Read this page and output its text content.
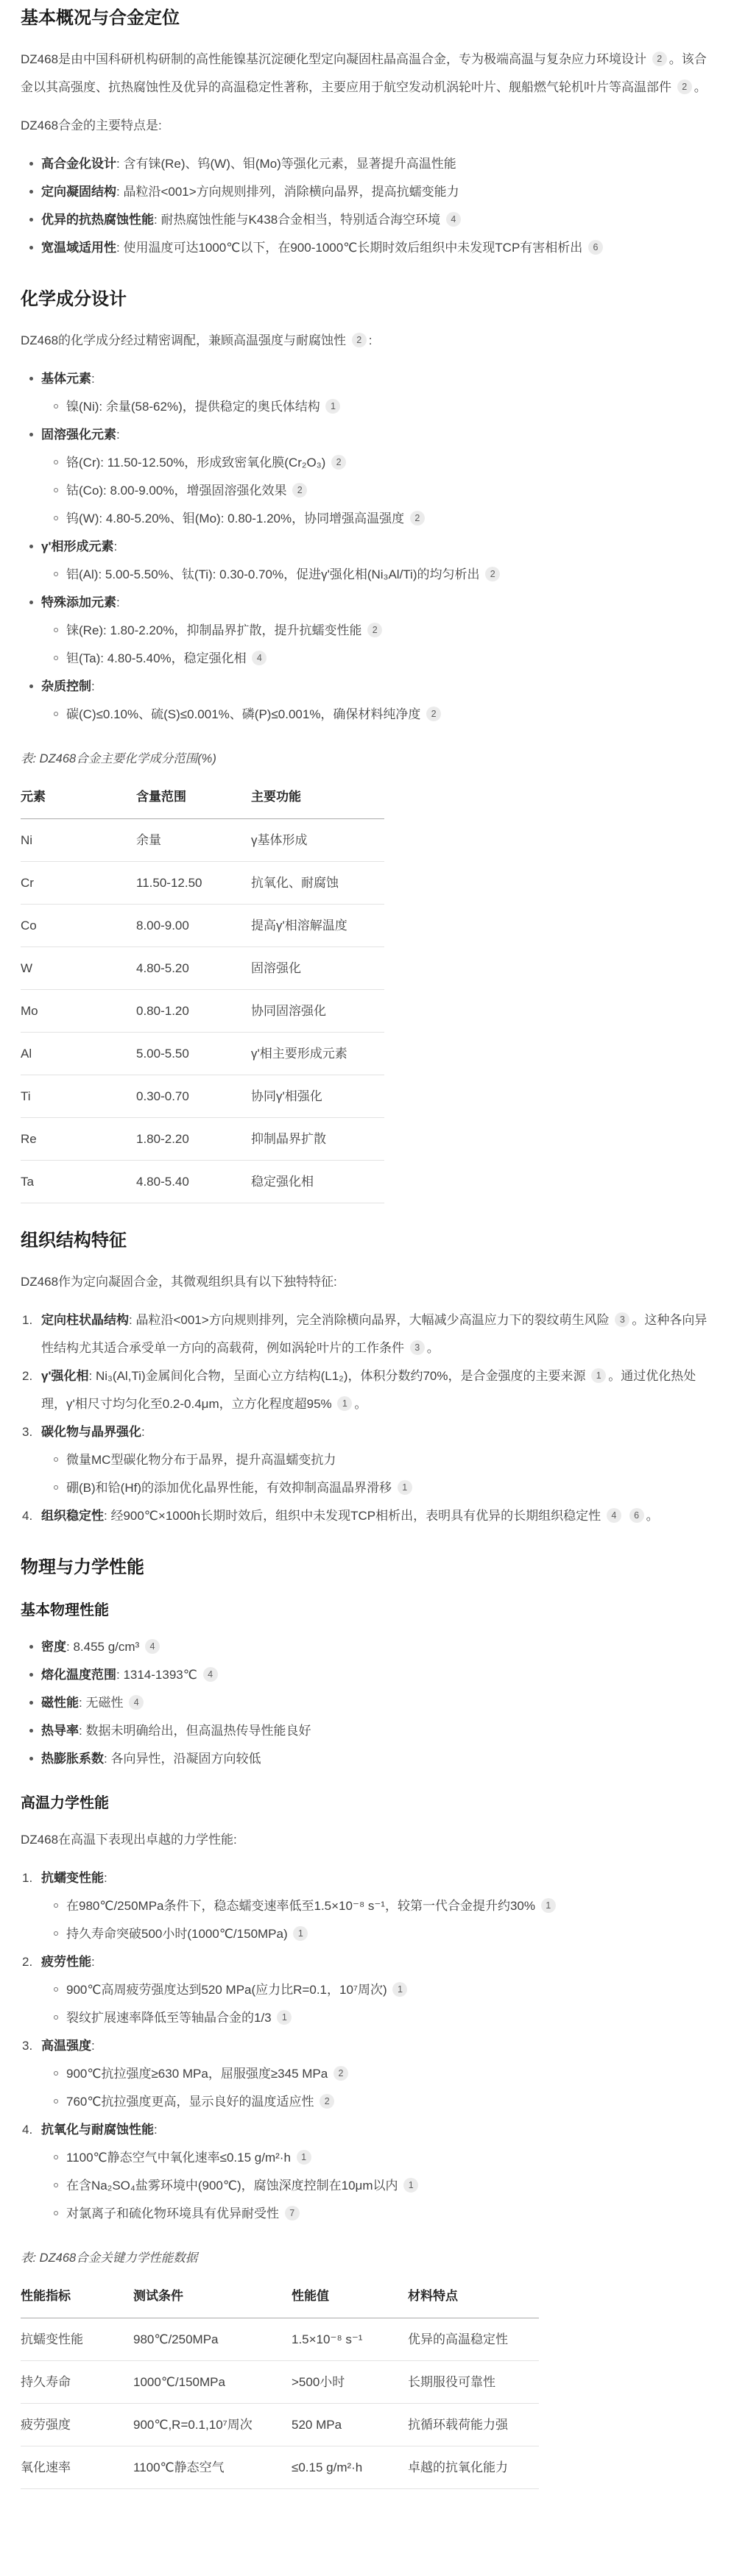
基本概况与合金定位

DZ468是由中国科研机构研制的高性能镍基沉淀硬化型定向凝固柱晶高温合金，专为极端高温与复杂应力环境设计 2 。该合金以其高强度、抗热腐蚀性及优异的高温稳定性著称，主要应用于航空发动机涡轮叶片、舰船燃气轮机叶片等高温部件 2 。

DZ468合金的主要特点是:

高合金化设计: 含有铼(Re)、钨(W)、钼(Mo)等强化元素，显著提升高温性能
定向凝固结构: 晶粒沿<001>方向规则排列，消除横向晶界，提高抗蠕变能力
优异的抗热腐蚀性能: 耐热腐蚀性能与K438合金相当，特别适合海空环境 4
宽温域适用性: 使用温度可达1000℃以下，在900-1000℃长期时效后组织中未发现TCP有害相析出 6
化学成分设计

DZ468的化学成分经过精密调配，兼顾高温强度与耐腐蚀性 2 :

基体元素:
镍(Ni): 余量(58-62%)，提供稳定的奥氏体结构 1
固溶强化元素:
铬(Cr): 11.50-12.50%，形成致密氧化膜(Cr₂O₃) 2
钴(Co): 8.00-9.00%，增强固溶强化效果 2
钨(W): 4.80-5.20%、钼(Mo): 0.80-1.20%，协同增强高温强度 2
γ'相形成元素:
铝(Al): 5.00-5.50%、钛(Ti): 0.30-0.70%，促进γ'强化相(Ni₃Al/Ti)的均匀析出 2
特殊添加元素:
铼(Re): 1.80-2.20%，抑制晶界扩散，提升抗蠕变性能 2
钽(Ta): 4.80-5.40%，稳定强化相 4
杂质控制:
碳(C)≤0.10%、硫(S)≤0.001%、磷(P)≤0.001%，确保材料纯净度 2

表: DZ468合金主要化学成分范围(%)

元素	含量范围	主要功能
Ni	余量	γ基体形成
Cr	11.50-12.50	抗氧化、耐腐蚀
Co	8.00-9.00	提高γ'相溶解温度
W	4.80-5.20	固溶强化
Mo	0.80-1.20	协同固溶强化
Al	5.00-5.50	γ'相主要形成元素
Ti	0.30-0.70	协同γ'相强化
Re	1.80-2.20	抑制晶界扩散
Ta	4.80-5.40	稳定强化相
组织结构特征

DZ468作为定向凝固合金，其微观组织具有以下独特特征:

定向柱状晶结构: 晶粒沿<001>方向规则排列，完全消除横向晶界，大幅减少高温应力下的裂纹萌生风险 3 。这种各向异性结构尤其适合承受单一方向的高载荷，例如涡轮叶片的工作条件 3 。
γ'强化相: Ni₃(Al,Ti)金属间化合物，呈面心立方结构(L1₂)，体积分数约70%，是合金强度的主要来源 1 。通过优化热处理，γ'相尺寸均匀化至0.2-0.4μm，立方化程度超95% 1 。
碳化物与晶界强化:
微量MC型碳化物分布于晶界，提升高温蠕变抗力
硼(B)和铪(Hf)的添加优化晶界性能，有效抑制高温晶界滑移 1
组织稳定性: 经900℃×1000h长期时效后，组织中未发现TCP相析出，表明具有优异的长期组织稳定性 4 6 。
物理与力学性能
基本物理性能
密度: 8.455 g/cm³ 4
熔化温度范围: 1314-1393℃ 4
磁性能: 无磁性 4
热导率: 数据未明确给出，但高温热传导性能良好
热膨胀系数: 各向异性，沿凝固方向较低
高温力学性能

DZ468在高温下表现出卓越的力学性能:

抗蠕变性能:
在980℃/250MPa条件下，稳态蠕变速率低至1.5×10⁻⁸ s⁻¹，较第一代合金提升约30% 1
持久寿命突破500小时(1000℃/150MPa) 1
疲劳性能:
900℃高周疲劳强度达到520 MPa(应力比R=0.1，10⁷周次) 1
裂纹扩展速率降低至等轴晶合金的1/3 1
高温强度:
900℃抗拉强度≥630 MPa，屈服强度≥345 MPa 2
760℃抗拉强度更高，显示良好的温度适应性 2
抗氧化与耐腐蚀性能:
1100℃静态空气中氧化速率≤0.15 g/m²·h 1
在含Na₂SO₄盐雾环境中(900℃)，腐蚀深度控制在10μm以内 1
对氯离子和硫化物环境具有优异耐受性 7

表: DZ468合金关键力学性能数据

性能指标	测试条件	性能值	材料特点
抗蠕变性能	980℃/250MPa	1.5×10⁻⁸ s⁻¹	优异的高温稳定性
持久寿命	1000℃/150MPa	>500小时	长期服役可靠性
疲劳强度	900℃,R=0.1,10⁷周次	520 MPa	抗循环载荷能力强
氧化速率	1100℃静态空气	≤0.15 g/m²·h	卓越的抗氧化能力
